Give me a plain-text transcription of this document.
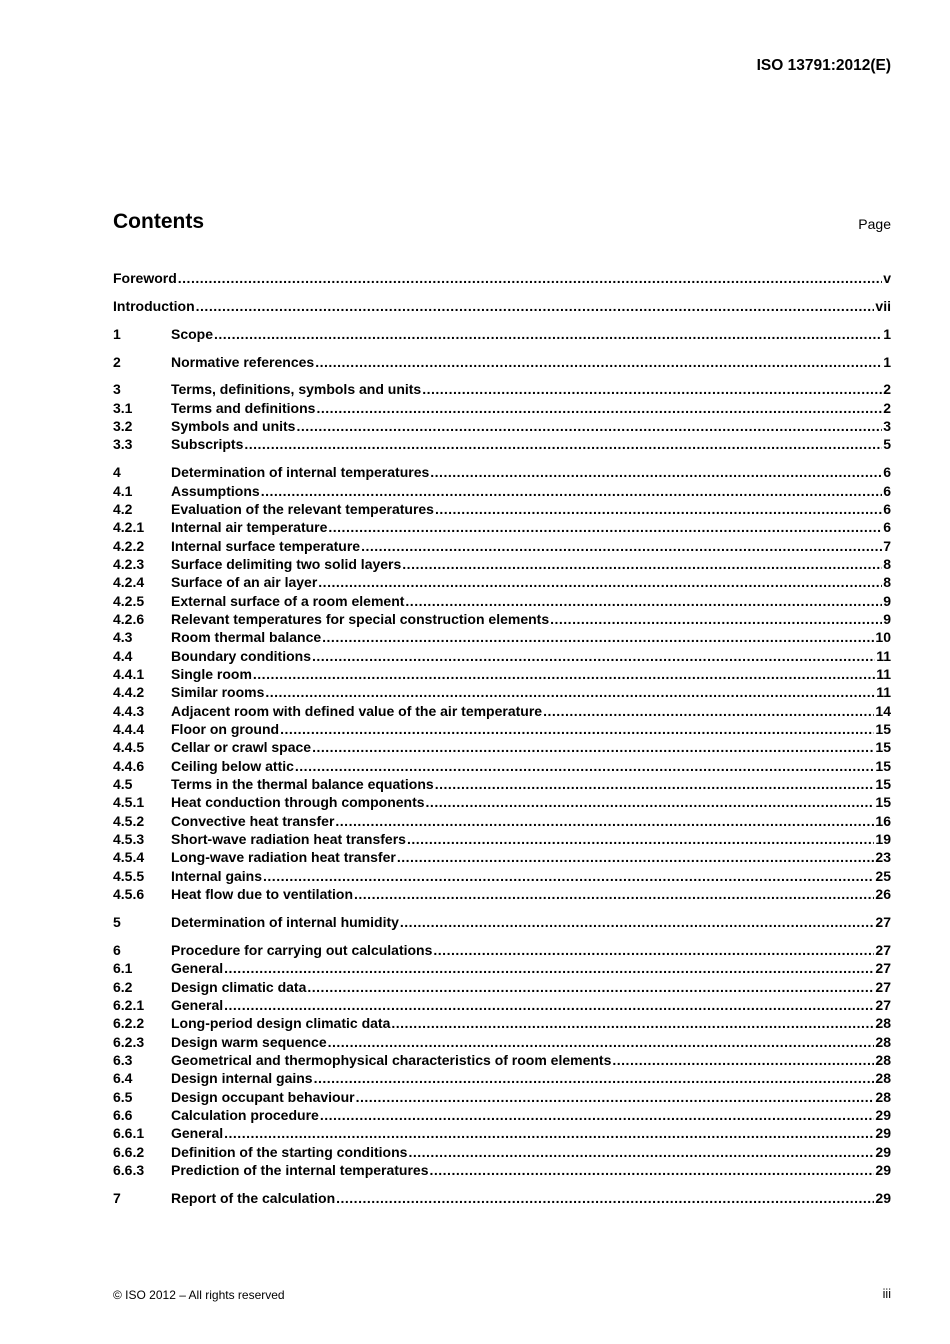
ISO 13791:2012(E)
Contents	Page
Foreword .....	v
Introduction .....	vii
1	Scope .....	1
2	Normative references .....	1
3	Terms, definitions, symbols and units .....	2
3.1	Terms and definitions .....	2
3.2	Symbols and units .....	3
3.3	Subscripts .....	5
4	Determination of internal temperatures .....	6
4.1	Assumptions .....	6
4.2	Evaluation of the relevant temperatures .....	6
4.2.1	Internal air temperature .....	6
4.2.2	Internal surface temperature .....	7
4.2.3	Surface delimiting two solid layers .....	8
4.2.4	Surface of an air layer .....	8
4.2.5	External surface of a room element .....	9
4.2.6	Relevant temperatures for special construction elements .....	9
4.3	Room thermal balance .....	10
4.4	Boundary conditions .....	11
4.4.1	Single room .....	11
4.4.2	Similar rooms .....	11
4.4.3	Adjacent room with defined value of the air temperature .....	14
4.4.4	Floor on ground .....	15
4.4.5	Cellar or crawl space .....	15
4.4.6	Ceiling below attic .....	15
4.5	Terms in the thermal balance equations .....	15
4.5.1	Heat conduction through components .....	15
4.5.2	Convective heat transfer .....	16
4.5.3	Short-wave radiation heat transfers .....	19
4.5.4	Long-wave radiation heat transfer .....	23
4.5.5	Internal gains .....	25
4.5.6	Heat flow due to ventilation .....	26
5	Determination of internal humidity .....	27
6	Procedure for carrying out calculations .....	27
6.1	General .....	27
6.2	Design climatic data .....	27
6.2.1	General .....	27
6.2.2	Long-period design climatic data .....	28
6.2.3	Design warm sequence .....	28
6.3	Geometrical and thermophysical characteristics of room elements .....	28
6.4	Design internal gains .....	28
6.5	Design occupant behaviour .....	28
6.6	Calculation procedure .....	29
6.6.1	General .....	29
6.6.2	Definition of the starting conditions .....	29
6.6.3	Prediction of the internal temperatures .....	29
7	Report of the calculation .....	29
© ISO 2012 – All rights reserved	iii
